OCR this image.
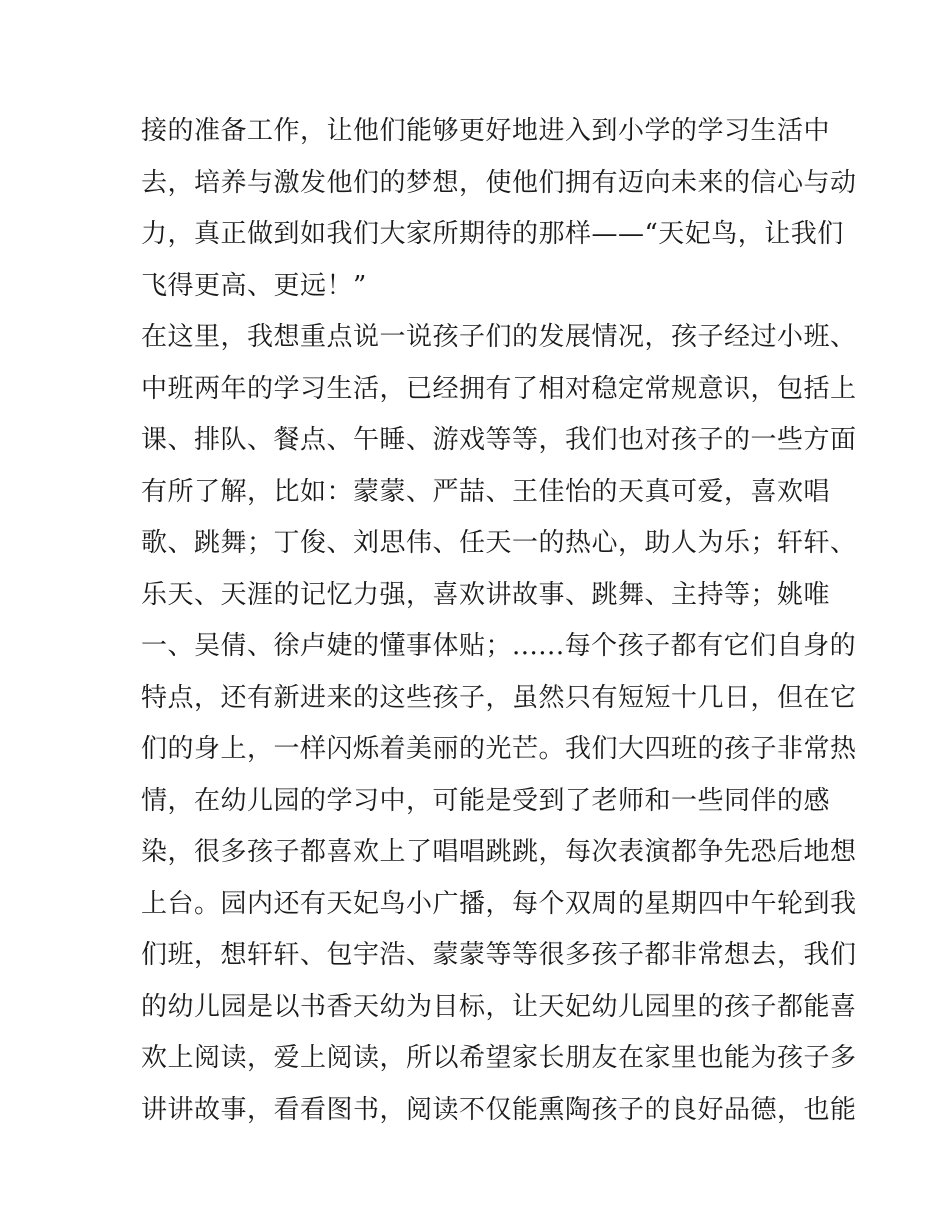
接的准备工作，让他们能够更好地进入到小学的学习生活中
去，培养与激发他们的梦想，使他们拥有迈向未来的信心与动
力，真正做到如我们大家所期待的那样——“天妃鸟，让我们
飞得更高、更远！”
在这里，我想重点说一说孩子们的发展情况，孩子经过小班、
中班两年的学习生活，已经拥有了相对稳定常规意识，包括上
课、排队、餐点、午睡、游戏等等，我们也对孩子的一些方面
有所了解，比如：蒙蒙、严喆、王佳怡的天真可爱，喜欢唱
歌、跳舞；丁俊、刘思伟、任天一的热心，助人为乐；轩轩、
乐天、天涯的记忆力强，喜欢讲故事、跳舞、主持等；姚唯
一、吴倩、徐卢婕的懂事体贴；......每个孩子都有它们自身的
特点，还有新进来的这些孩子，虽然只有短短十几日，但在它
们的身上，一样闪烁着美丽的光芒。我们大四班的孩子非常热
情，在幼儿园的学习中，可能是受到了老师和一些同伴的感
染，很多孩子都喜欢上了唱唱跳跳，每次表演都争先恐后地想
上台。园内还有天妃鸟小广播，每个双周的星期四中午轮到我
们班，想轩轩、包宇浩、蒙蒙等等很多孩子都非常想去，我们
的幼儿园是以书香天幼为目标，让天妃幼儿园里的孩子都能喜
欢上阅读，爱上阅读，所以希望家长朋友在家里也能为孩子多
讲讲故事，看看图书，阅读不仅能熏陶孩子的良好品德，也能
